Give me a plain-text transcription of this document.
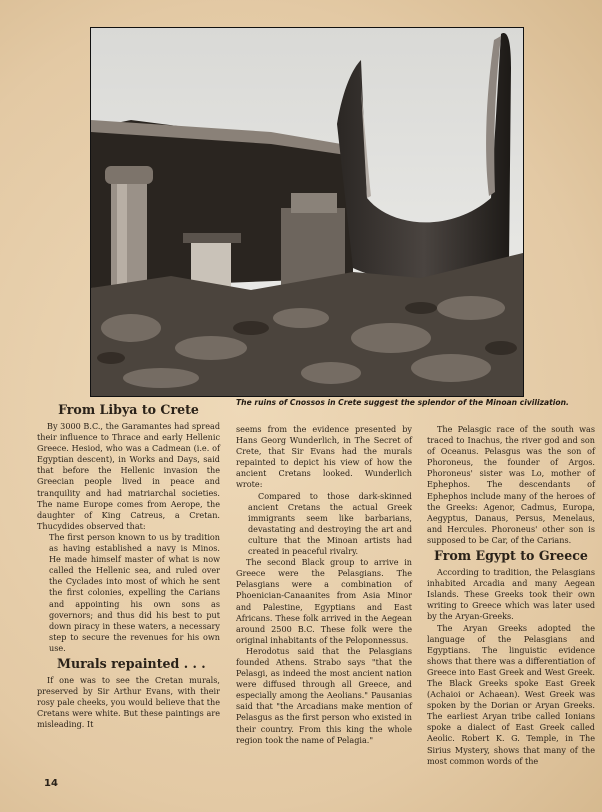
The ruins of Cnossos in Crete suggest the splendor of the Minoan civilization.
From Libya to Crete

By 3000 B.C., the Garamantes had spread their influence to Thrace and early Hellenic Greece. Hesiod, who was a Cadmean (i.e. of Egyptian descent), in Works and Days, said that before the Hellenic invasion the Greecian people lived in peace and tranquility and had matriarchal societies. The name Europe comes from Aerope, the daughter of King Catreus, a Cretan. Thucydides observed that:

The first person known to us by tradition as having established a navy is Minos. He made himself master of what is now called the Hellenic sea, and ruled over the Cyclades into most of which he sent the first colonies, expelling the Carians and appointing his own sons as governors; and thus did his best to put down piracy in these waters, a necessary step to secure the revenues for his own use.

Murals repainted . . .

If one was to see the Cretan murals, preserved by Sir Arthur Evans, with their rosy pale cheeks, you would believe that the Cretans were white. But these paintings are misleading. It

seems from the evidence presented by Hans Georg Wunderlich, in The Secret of Crete, that Sir Evans had the murals repainted to depict his view of how the ancient Cretans looked. Wunderlich wrote:

Compared to those dark-skinned ancient Cretans the actual Greek immigrants seem like barbarians, devastating and destroying the art and culture that the Minoan artists had created in peaceful rivalry.

The second Black group to arrive in Greece were the Pelasgians. The Pelasgians were a combination of Phoenician-Canaanites from Asia Minor and Palestine, Egyptians and East Africans. These folk arrived in the Aegean around 2500 B.C. These folk were the original inhabitants of the Peloponnessus.

Herodotus said that the Pelasgians founded Athens. Strabo says "that the Pelasgi, as indeed the most ancient nation were diffused through all Greece, and especially among the Aeolians." Pausanias said that "the Arcadians make mention of Pelasgus as the first person who existed in their country. From this king the whole region took the name of Pelagia."

The Pelasgic race of the south was traced to Inachus, the river god and son of Oceanus. Pelasgus was the son of Phoroneus, the founder of Argos. Phoroneus' sister was Lo, mother of Ephephos. The descendants of Ephephos include many of the heroes of the Greeks: Agenor, Cadmus, Europa, Aegyptus, Danaus, Persus, Menelaus, and Hercules. Phoroneus' other son is supposed to be Car, of the Carians.

From Egypt to Greece

According to tradition, the Pelasgians inhabited Arcadia and many Aegean Islands. These Greeks took their own writing to Greece which was later used by the Aryan-Greeks.

The Aryan Greeks adopted the language of the Pelasgians and Egyptians. The linguistic evidence shows that there was a differentiation of Greece into East Greek and West Greek. The Black Greeks spoke East Greek (Achaioi or Achaean). West Greek was spoken by the Dorian or Aryan Greeks. The earliest Aryan tribe called Ionians spoke a dialect of East Greek called Aeolic. Robert K. G. Temple, in The Sirius Mystery, shows that many of the most common words of the

14
